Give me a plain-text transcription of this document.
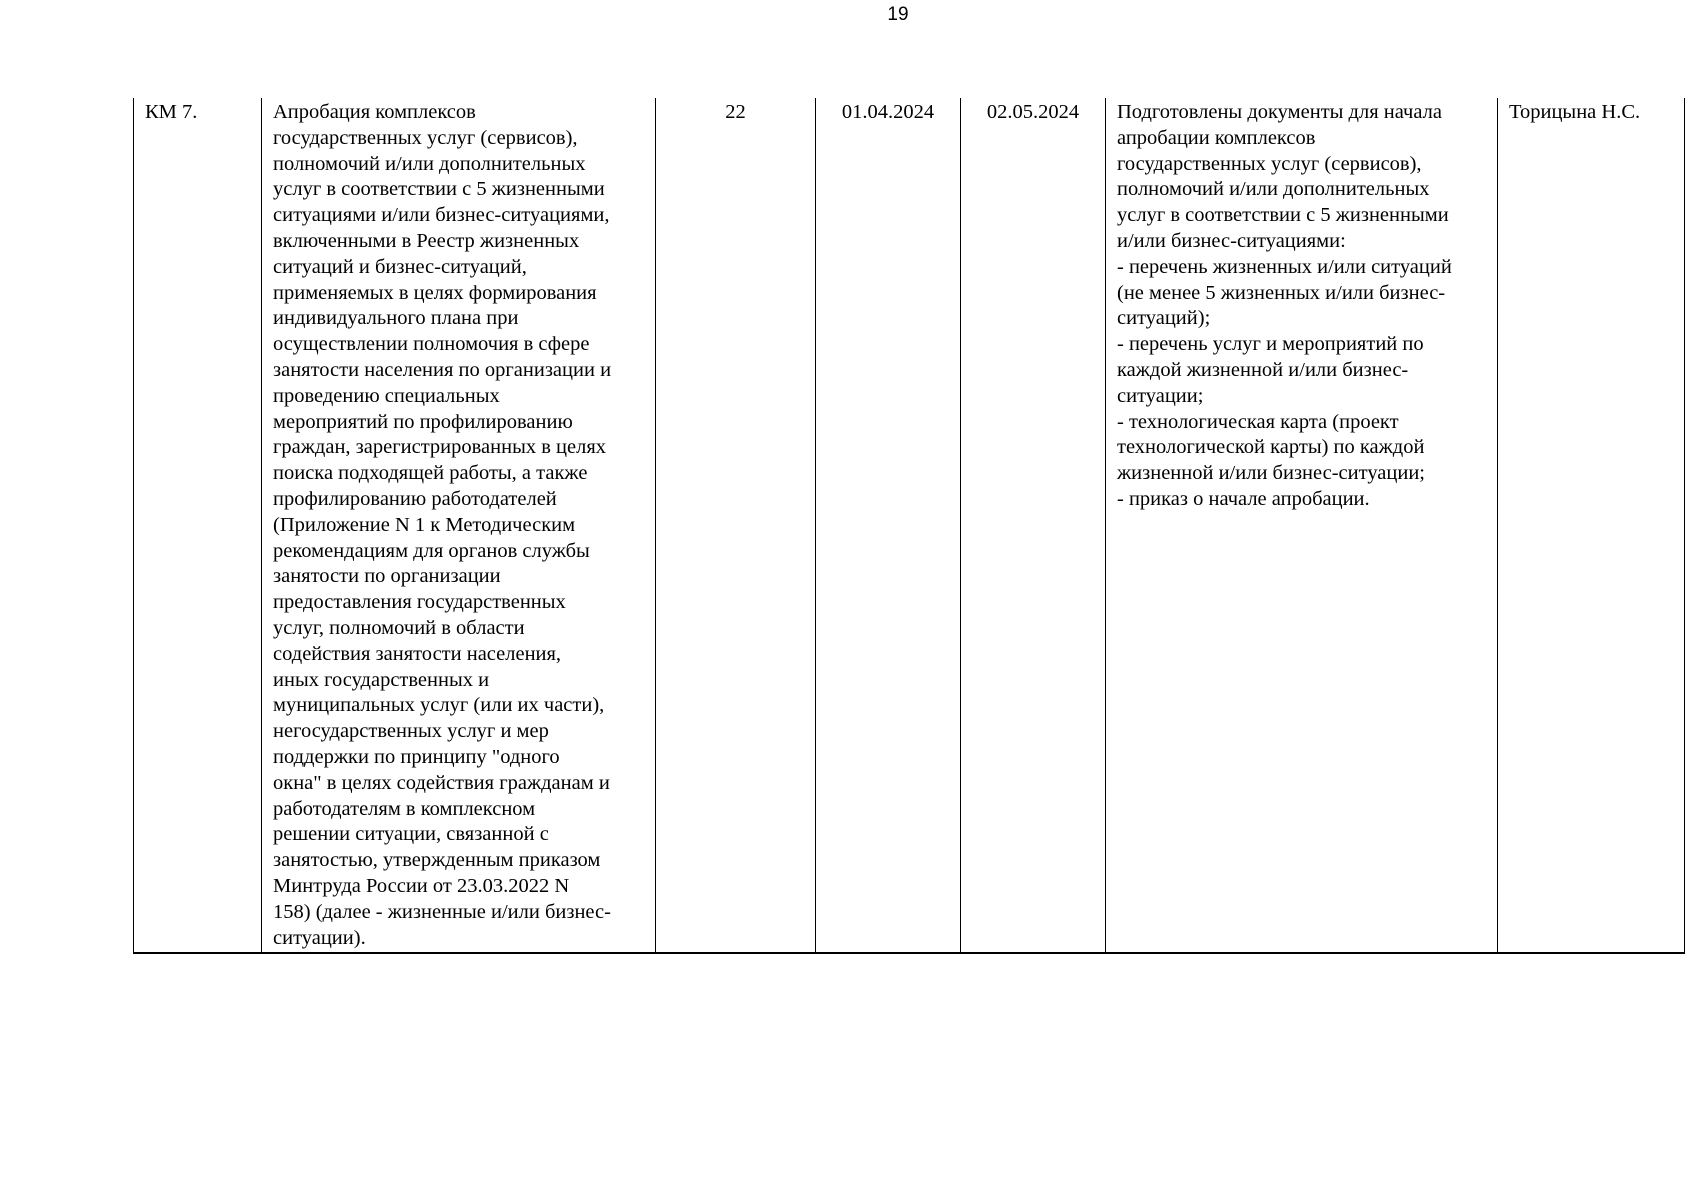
19
КМ 7.	Апробация комплексов
государственных услуг (сервисов),
полномочий и/или дополнительных
услуг в соответствии с 5 жизненными
ситуациями и/или бизнес-ситуациями,
включенными в Реестр жизненных
ситуаций и бизнес-ситуаций,
применяемых в целях формирования
индивидуального плана при
осуществлении полномочия в сфере
занятости населения по организации и
проведению специальных
мероприятий по профилированию
граждан, зарегистрированных в целях
поиска подходящей работы, а также
профилированию работодателей
(Приложение N 1 к Методическим
рекомендациям для органов службы
занятости по организации
предоставления государственных
услуг, полномочий в области
содействия занятости населения,
иных государственных и
муниципальных услуг (или их части),
негосударственных услуг и мер
поддержки по принципу "одного
окна" в целях содействия гражданам и
работодателям в комплексном
решении ситуации, связанной с
занятостью, утвержденным приказом
Минтруда России от 23.03.2022 N
158) (далее - жизненные и/или бизнес-
ситуации).	22	01.04.2024	02.05.2024	Подготовлены документы для начала
апробации комплексов
государственных услуг (сервисов),
полномочий и/или дополнительных
услуг в соответствии с 5 жизненными
и/или бизнес-ситуациями:
- перечень жизненных и/или ситуаций
(не менее 5 жизненных и/или бизнес-
ситуаций);
- перечень услуг и мероприятий по
каждой жизненной и/или бизнес-
ситуации;
- технологическая карта (проект
технологической карты) по каждой
жизненной и/или бизнес-ситуации;
- приказ о начале апробации.	Торицына Н.С.
